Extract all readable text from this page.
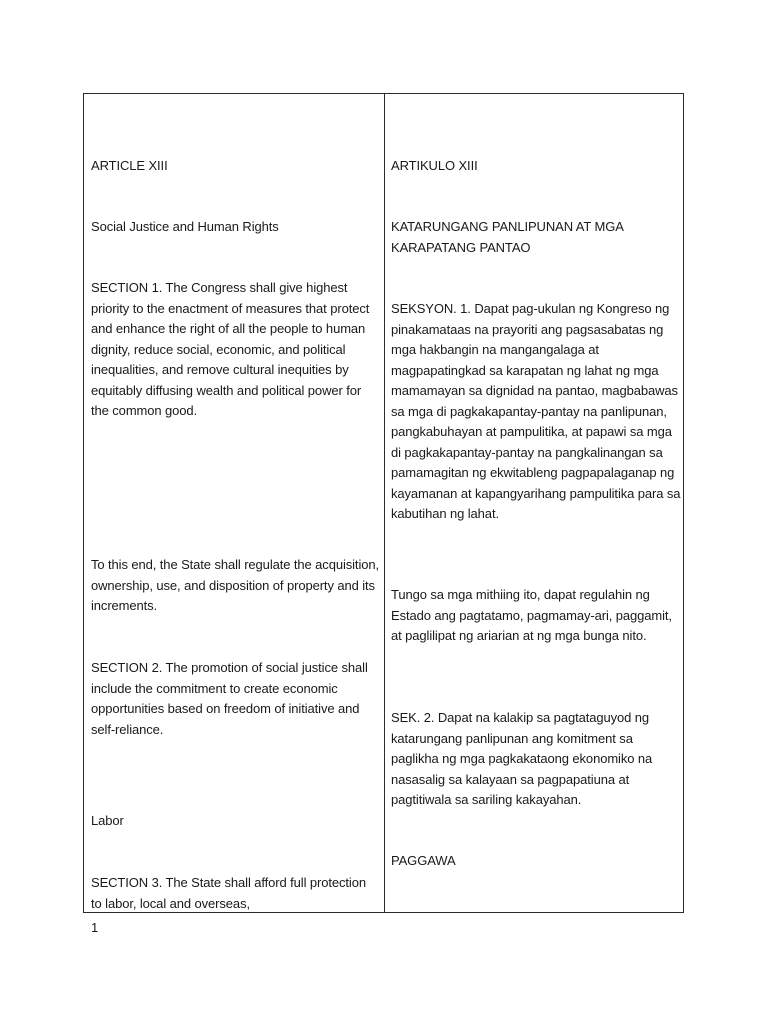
ARTICLE XIII
Social Justice and Human Rights
SECTION 1. The Congress shall give highest priority to the enactment of measures that protect and enhance the right of all the people to human dignity, reduce social, economic, and political inequalities, and remove cultural inequities by equitably diffusing wealth and political power for the common good.
To this end, the State shall regulate the acquisition, ownership, use, and disposition of property and its increments.
SECTION 2. The promotion of social justice shall include the commitment to create economic opportunities based on freedom of initiative and self-reliance.
Labor
SECTION 3. The State shall afford full protection to labor, local and overseas,
ARTIKULO XIII
KATARUNGANG PANLIPUNAN AT MGA KARAPATANG PANTAO
SEKSYON. 1. Dapat pag-ukulan ng Kongreso ng pinakamataas na prayoriti ang pagsasabatas ng mga hakbangin na mangangalaga at magpapatingkad sa karapatan ng lahat ng mga mamamayan sa dignidad na pantao, magbabawas sa mga di pagkakapantay-pantay na panlipunan, pangkabuhayan at pampulitika, at papawi sa mga di pagkakapantay-pantay na pangkalinangan sa pamamagitan ng ekwitableng pagpapalaganap ng kayamanan at kapangyarihang pampulitika para sa kabutihan ng lahat.
Tungo sa mga mithiing ito, dapat regulahin ng Estado ang pagtatamo, pagmamay-ari, paggamit, at paglilipat ng ariarian at ng mga bunga nito.
SEK. 2. Dapat na kalakip sa pagtataguyod ng katarungang panlipunan ang komitment sa paglikha ng mga pagkakataong ekonomiko na nasasalig sa kalayaan sa pagpapatiuna at pagtitiwala sa sariling kakayahan.
PAGGAWA
1
